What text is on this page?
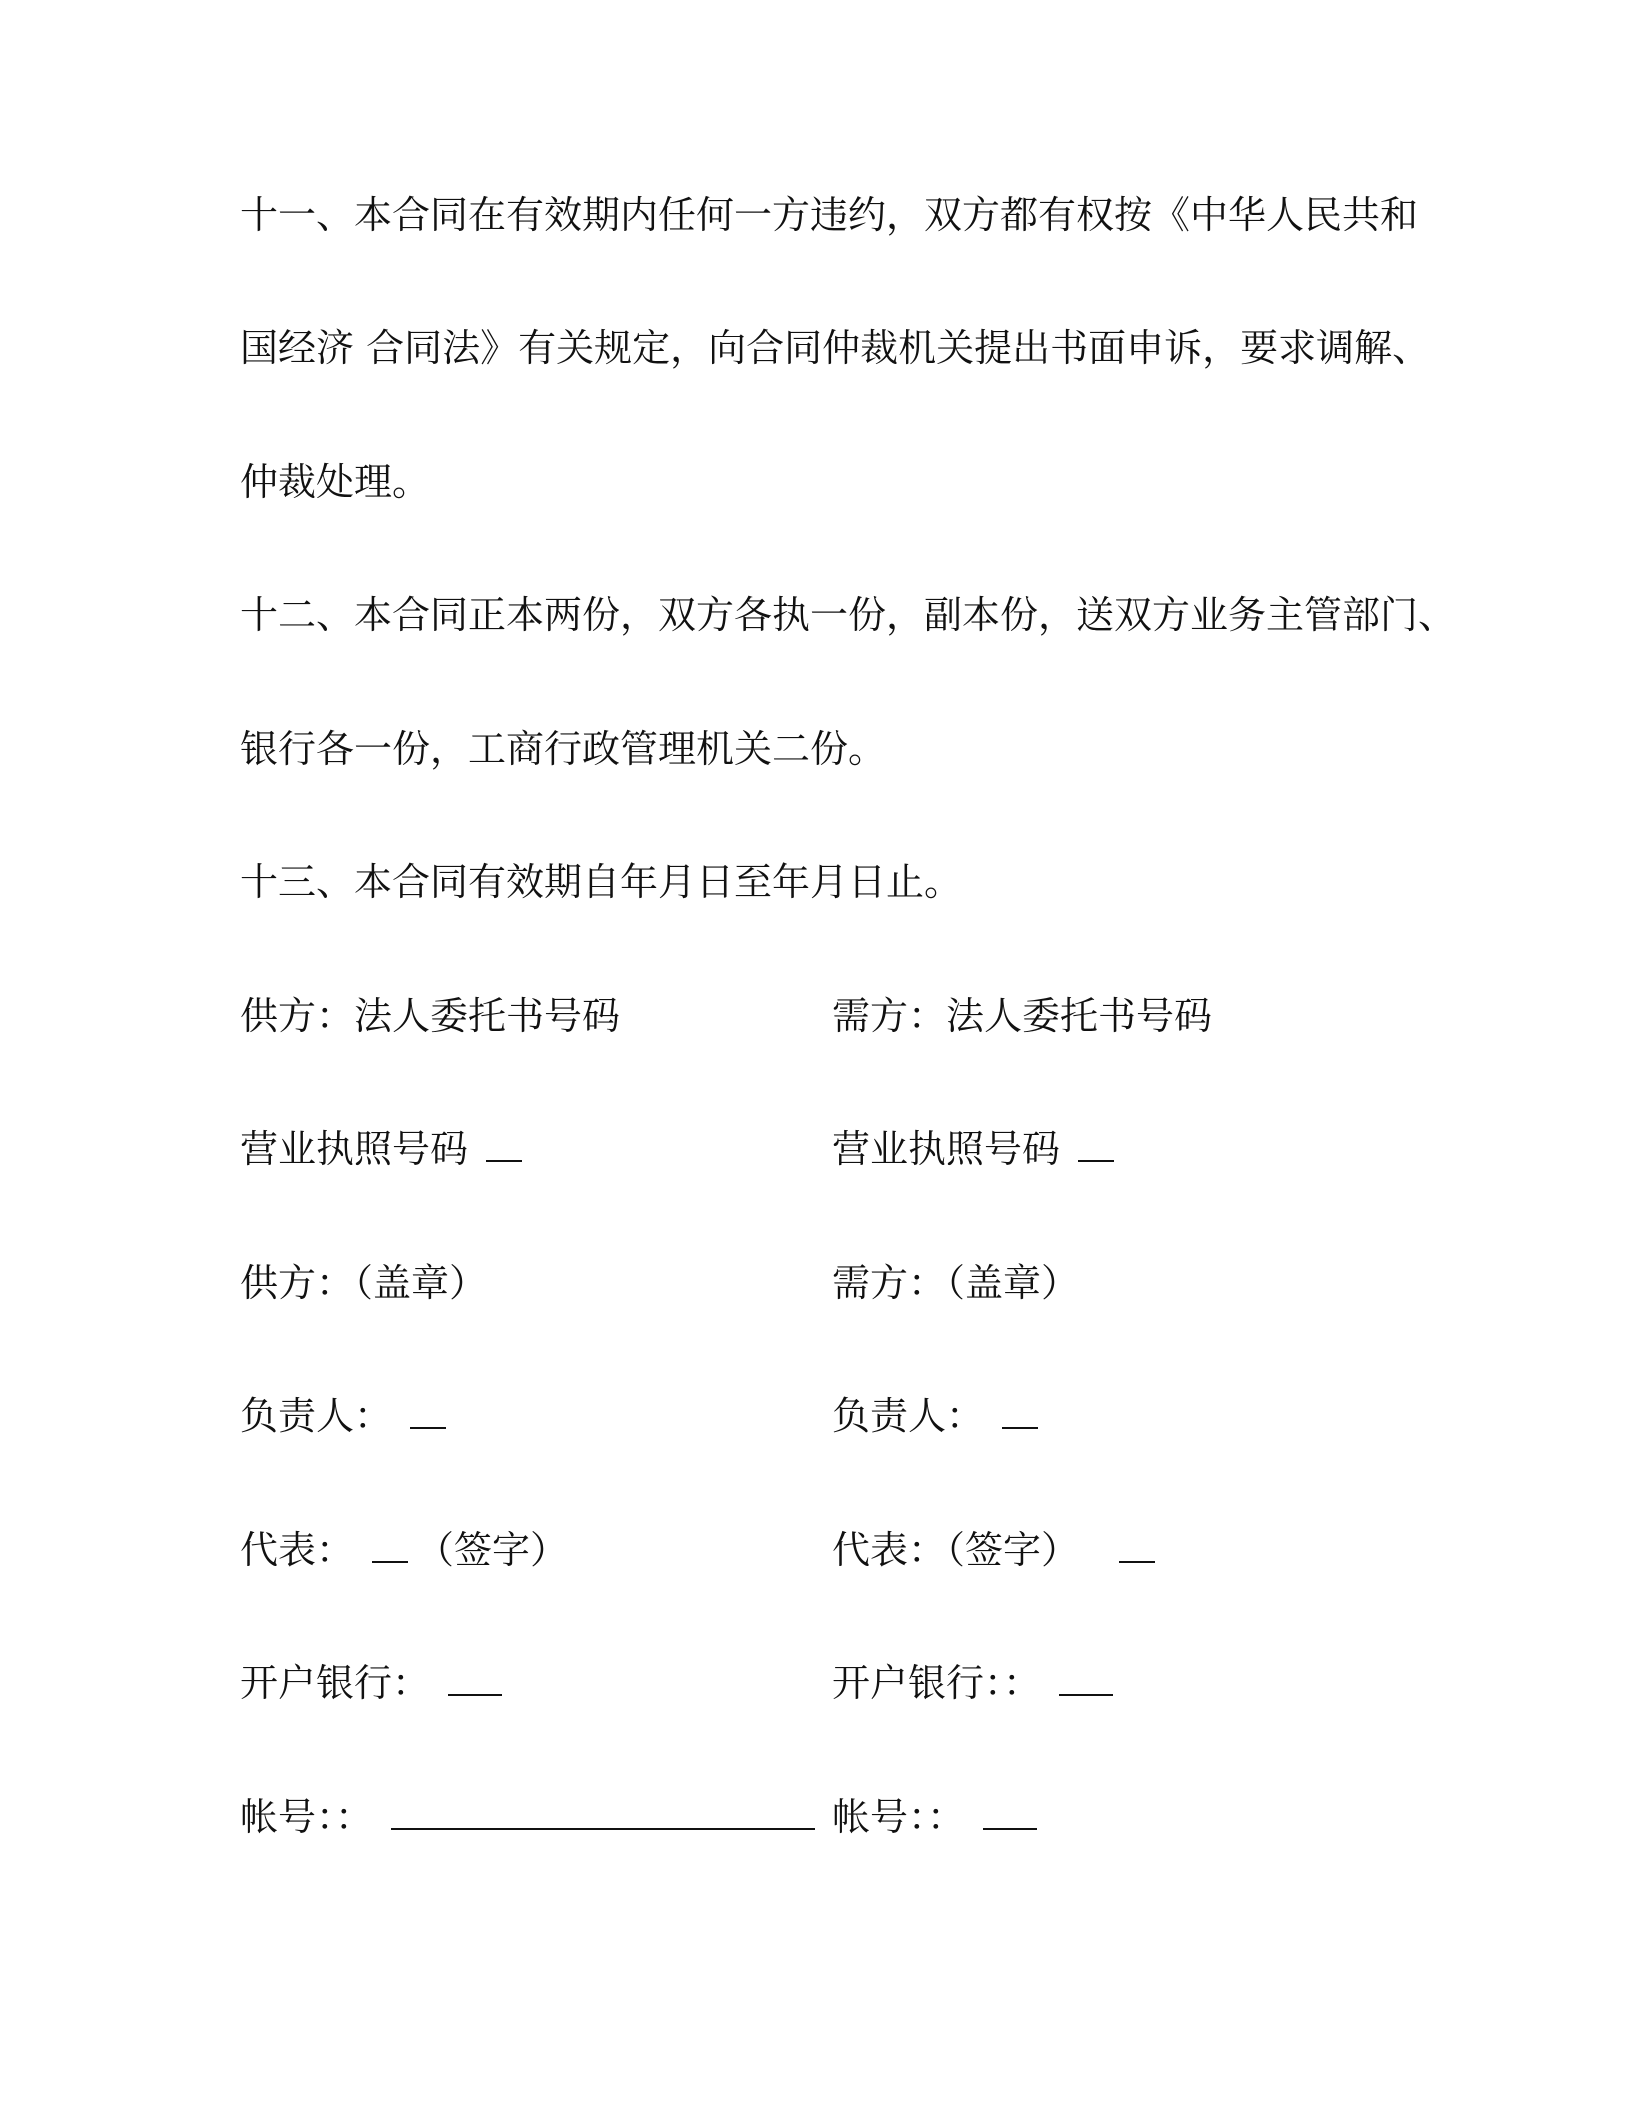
十一、本合同在有效期内任何一方违约，双方都有权按《中华人民共和
国经济 合同法》有关规定，向合同仲裁机关提出书面申诉，要求调解、
仲裁处理。
十二、本合同正本两份，双方各执一份，副本份，送双方业务主管部门、
银行各一份，工商行政管理机关二份。
十三、本合同有效期自年月日至年月日止。
供方：法人委托书号码	需方：法人委托书号码
营业执照号码	营业执照号码
供方：（盖章）	需方：（盖章）
负责人：	负责人：
代表： （签字）	代表：（签字）
开户银行：	开户银行：：
帐号：：	帐号：：
